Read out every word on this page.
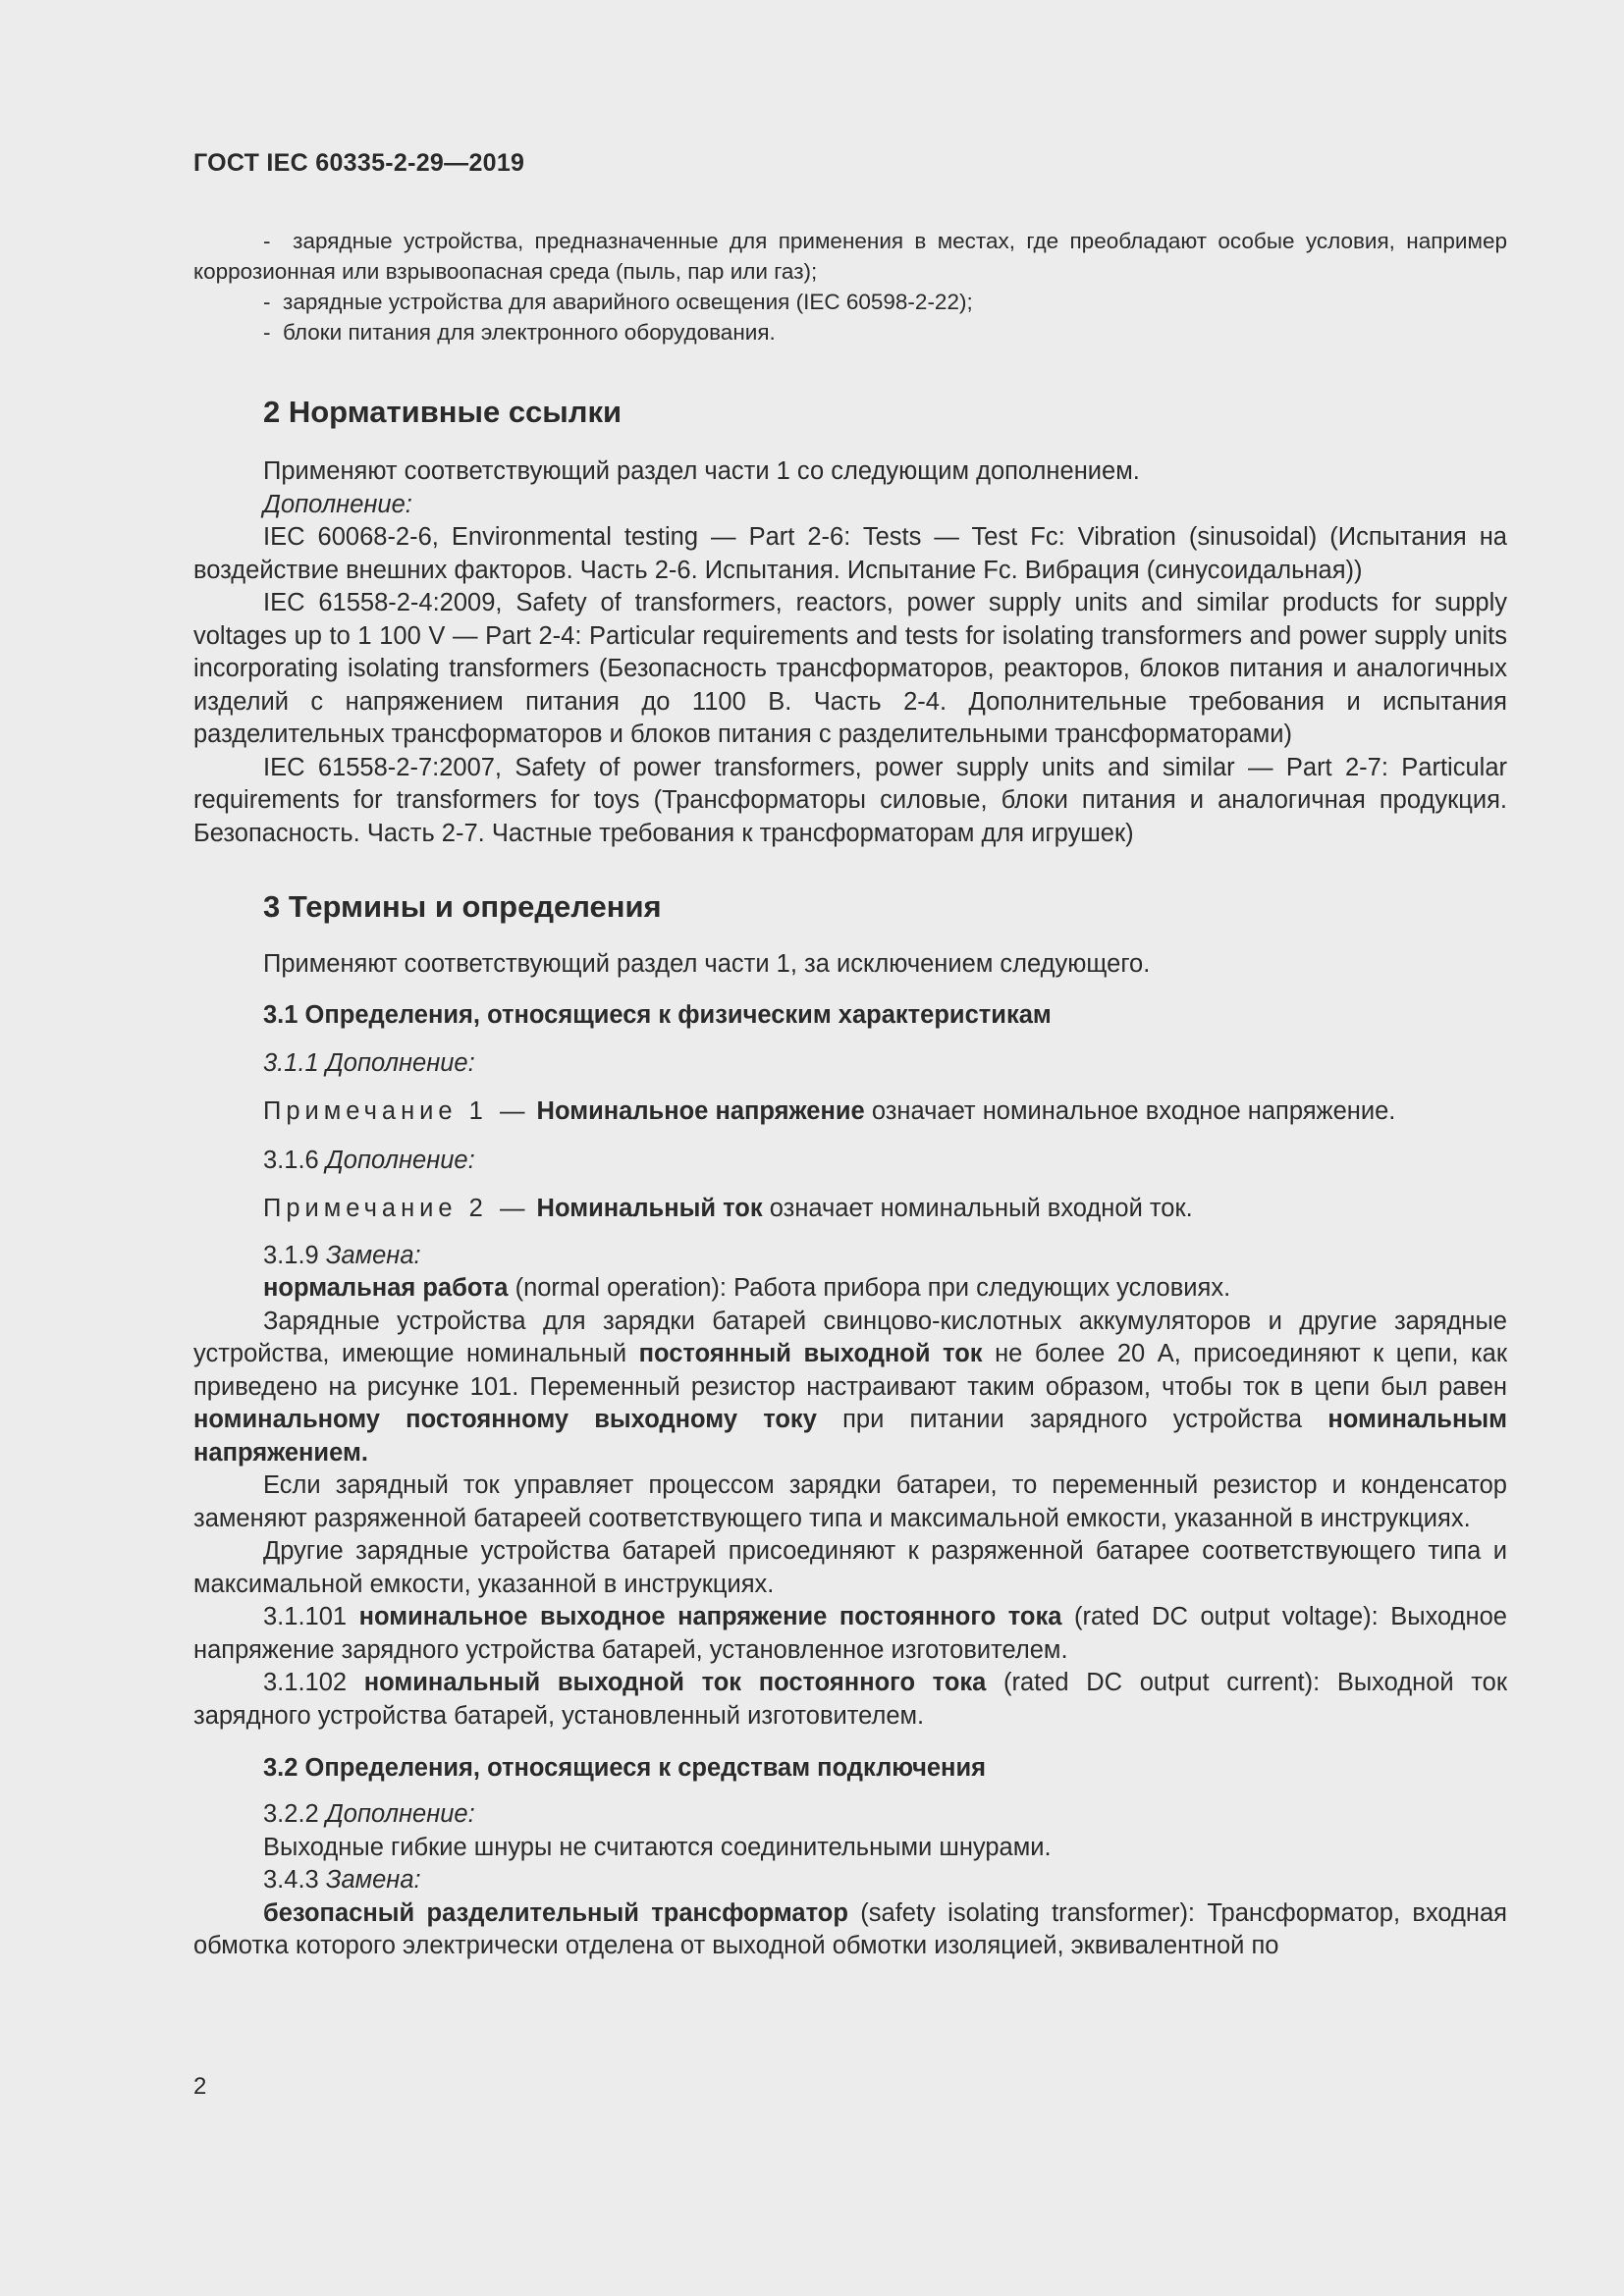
ГОСТ IEC 60335-2-29—2019

- зарядные устройства, предназначенные для применения в местах, где преобладают особые условия, например коррозионная или взрывоопасная среда (пыль, пар или газ);

- зарядные устройства для аварийного освещения (IEC 60598-2-22);

- блоки питания для электронного оборудования.

2 Нормативные ссылки

Применяют соответствующий раздел части 1 со следующим дополнением.

Дополнение:

IEC 60068-2-6, Environmental testing — Part 2-6: Tests — Test Fc: Vibration (sinusoidal) (Испытания на воздействие внешних факторов. Часть 2-6. Испытания. Испытание Fc. Вибрация (синусоидальная))

IEC 61558-2-4:2009, Safety of transformers, reactors, power supply units and similar products for supply voltages up to 1 100 V — Part 2-4: Particular requirements and tests for isolating transformers and power supply units incorporating isolating transformers (Безопасность трансформаторов, реакторов, блоков питания и аналогичных изделий с напряжением питания до 1100 В. Часть 2-4. Дополнительные требования и испытания разделительных трансформаторов и блоков питания с разделительными трансформаторами)

IEC 61558-2-7:2007, Safety of power transformers, power supply units and similar — Part 2-7: Particular requirements for transformers for toys (Трансформаторы силовые, блоки питания и аналогичная продукция. Безопасность. Часть 2-7. Частные требования к трансформаторам для игрушек)

3 Термины и определения

Применяют соответствующий раздел части 1, за исключением следующего.

3.1 Определения, относящиеся к физическим характеристикам

3.1.1 Дополнение:

Примечание 1 — Номинальное напряжение означает номинальное входное напряжение.

3.1.6 Дополнение:

Примечание 2 — Номинальный ток означает номинальный входной ток.

3.1.9 Замена:

нормальная работа (normal operation): Работа прибора при следующих условиях.

Зарядные устройства для зарядки батарей свинцово-кислотных аккумуляторов и другие зарядные устройства, имеющие номинальный постоянный выходной ток не более 20 А, присоединяют к цепи, как приведено на рисунке 101. Переменный резистор настраивают таким образом, чтобы ток в цепи был равен номинальному постоянному выходному току при питании зарядного устройства номинальным напряжением.

Если зарядный ток управляет процессом зарядки батареи, то переменный резистор и конденсатор заменяют разряженной батареей соответствующего типа и максимальной емкости, указанной в инструкциях.

Другие зарядные устройства батарей присоединяют к разряженной батарее соответствующего типа и максимальной емкости, указанной в инструкциях.

3.1.101 номинальное выходное напряжение постоянного тока (rated DC output voltage): Выходное напряжение зарядного устройства батарей, установленное изготовителем.

3.1.102 номинальный выходной ток постоянного тока (rated DC output current): Выходной ток зарядного устройства батарей, установленный изготовителем.

3.2 Определения, относящиеся к средствам подключения

3.2.2 Дополнение:

Выходные гибкие шнуры не считаются соединительными шнурами.

3.4.3 Замена:

безопасный разделительный трансформатор (safety isolating transformer): Трансформатор, входная обмотка которого электрически отделена от выходной обмотки изоляцией, эквивалентной по

2
